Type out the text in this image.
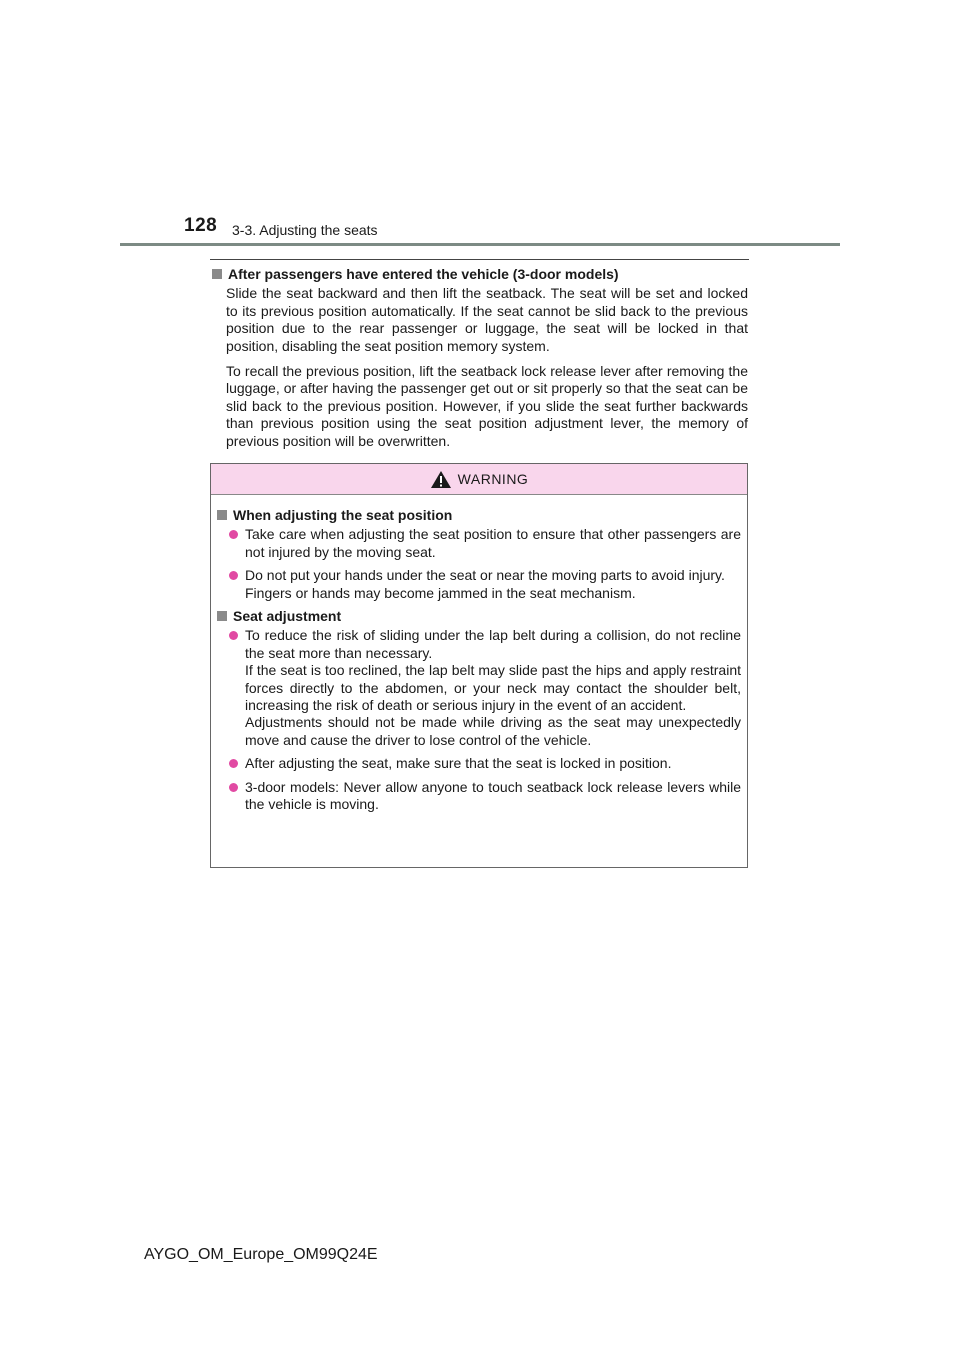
128 3-3. Adjusting the seats
After passengers have entered the vehicle (3-door models)

Slide the seat backward and then lift the seatback. The seat will be set and locked to its previous position automatically. If the seat cannot be slid back to the previous position due to the rear passenger or luggage, the seat will be locked in that position, disabling the seat position memory system.

To recall the previous position, lift the seatback lock release lever after removing the luggage, or after having the passenger get out or sit properly so that the seat can be slid back to the previous position. However, if you slide the seat further backwards than previous position using the seat position adjustment lever, the memory of previous position will be overwritten.

WARNING
When adjusting the seat position
Take care when adjusting the seat position to ensure that other passengers are not injured by the moving seat.
Do not put your hands under the seat or near the moving parts to avoid injury.
Fingers or hands may become jammed in the seat mechanism.
Seat adjustment
To reduce the risk of sliding under the lap belt during a collision, do not recline the seat more than necessary.
If the seat is too reclined, the lap belt may slide past the hips and apply restraint forces directly to the abdomen, or your neck may contact the shoulder belt, increasing the risk of death or serious injury in the event of an accident.
Adjustments should not be made while driving as the seat may unexpectedly move and cause the driver to lose control of the vehicle.
After adjusting the seat, make sure that the seat is locked in position.
3-door models: Never allow anyone to touch seatback lock release levers while the vehicle is moving.
AYGO_OM_Europe_OM99Q24E
